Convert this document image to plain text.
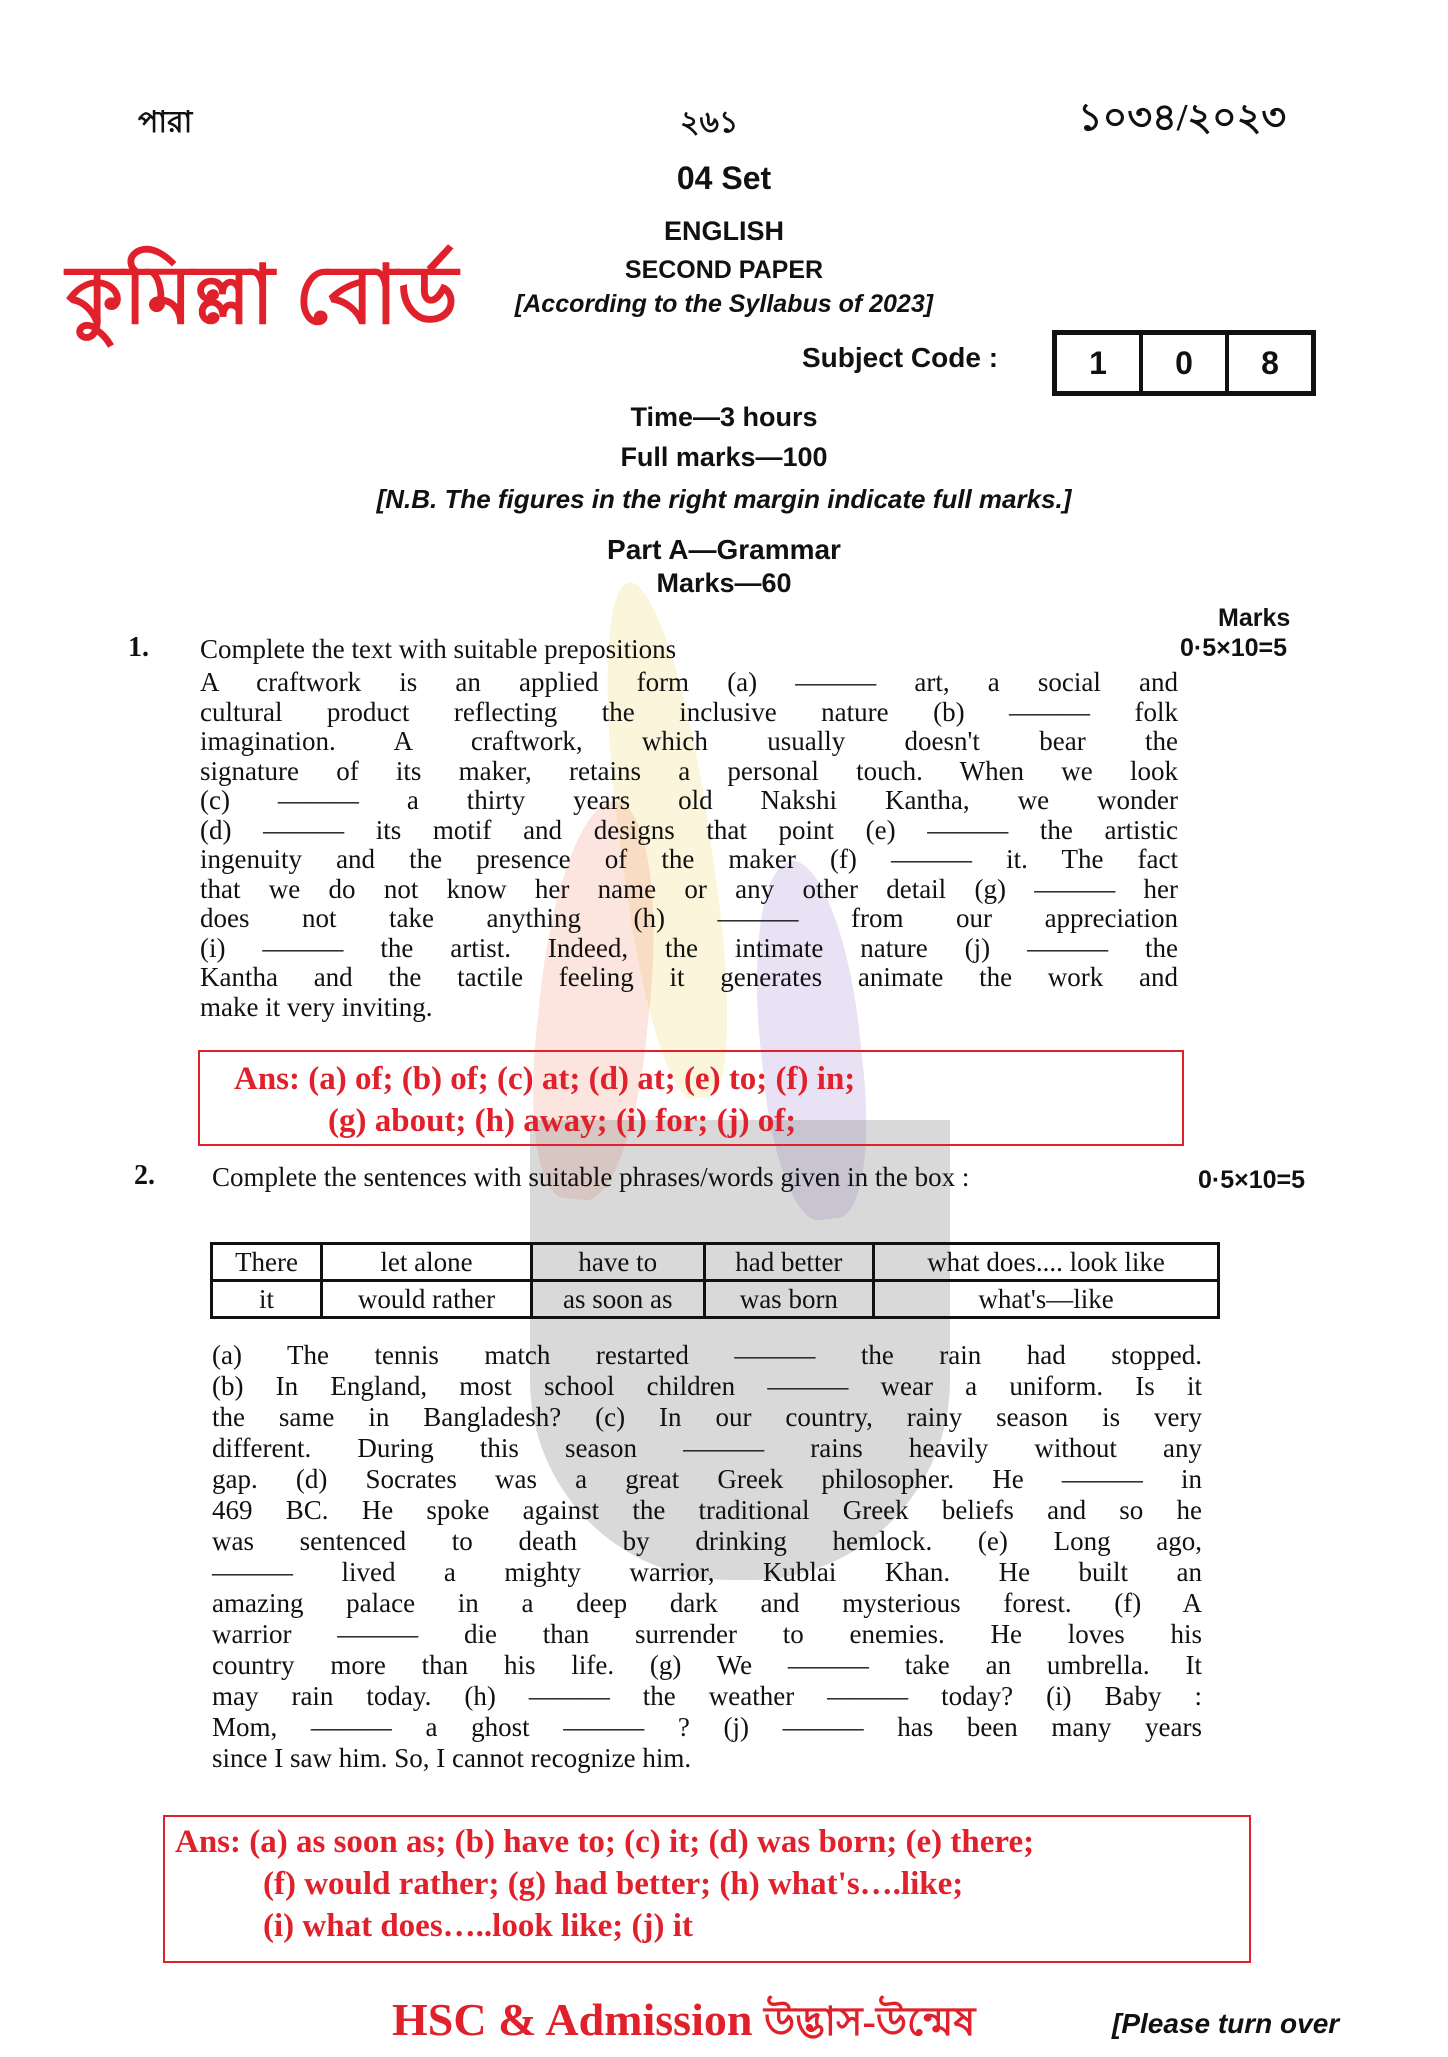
পারা	২৬১	১০৩৪/২০২৩
কুমিল্লা বোর্ড
04 Set
ENGLISH
SECOND PAPER
[According to the Syllabus of 2023]
Subject Code :	1	0	8
Time—3 hours
Full marks—100
[N.B. The figures in the right margin indicate full marks.]
Part A—Grammar
Marks—60
Marks
0·5×10=5
1. Complete the text with suitable prepositions
A craftwork is an applied form (a) ——— art, a social and
cultural product reflecting the inclusive nature (b) ——— folk
imagination. A craftwork, which usually doesn't bear the
signature of its maker, retains a personal touch. When we look
(c) ——— a thirty years old Nakshi Kantha, we wonder
(d) ——— its motif and designs that point (e) ——— the artistic
ingenuity and the presence of the maker (f) ——— it. The fact
that we do not know her name or any other detail (g) ——— her
does not take anything (h) ——— from our appreciation
(i) ——— the artist. Indeed, the intimate nature (j) ——— the
Kantha and the tactile feeling it generates animate the work and
make it very inviting.
Ans: (a) of; (b) of; (c) at; (d) at; (e) to; (f) in;
(g) about; (h) away; (i) for; (j) of;
2. Complete the sentences with suitable phrases/words given in the box :	0·5×10=5
There	let alone	have to	had better	what does.... look like
it	would rather	as soon as	was born	what's—like
(a) The tennis match restarted ——— the rain had stopped.
(b) In England, most school children ——— wear a uniform. Is it
the same in Bangladesh? (c) In our country, rainy season is very
different. During this season ——— rains heavily without any
gap. (d) Socrates was a great Greek philosopher. He ——— in
469 BC. He spoke against the traditional Greek beliefs and so he
was sentenced to death by drinking hemlock. (e) Long ago,
——— lived a mighty warrior, Kublai Khan. He built an
amazing palace in a deep dark and mysterious forest. (f) A
warrior ——— die than surrender to enemies. He loves his
country more than his life. (g) We ——— take an umbrella. It
may rain today. (h) ——— the weather ——— today? (i) Baby :
Mom, ——— a ghost ——— ? (j) ——— has been many years
since I saw him. So, I cannot recognize him.
Ans: (a) as soon as; (b) have to; (c) it; (d) was born; (e) there;
(f) would rather; (g) had better; (h) what's….like;
(i) what does…..look like; (j) it
HSC & Admission উদ্ভাস-উন্মেষ	[Please turn over
